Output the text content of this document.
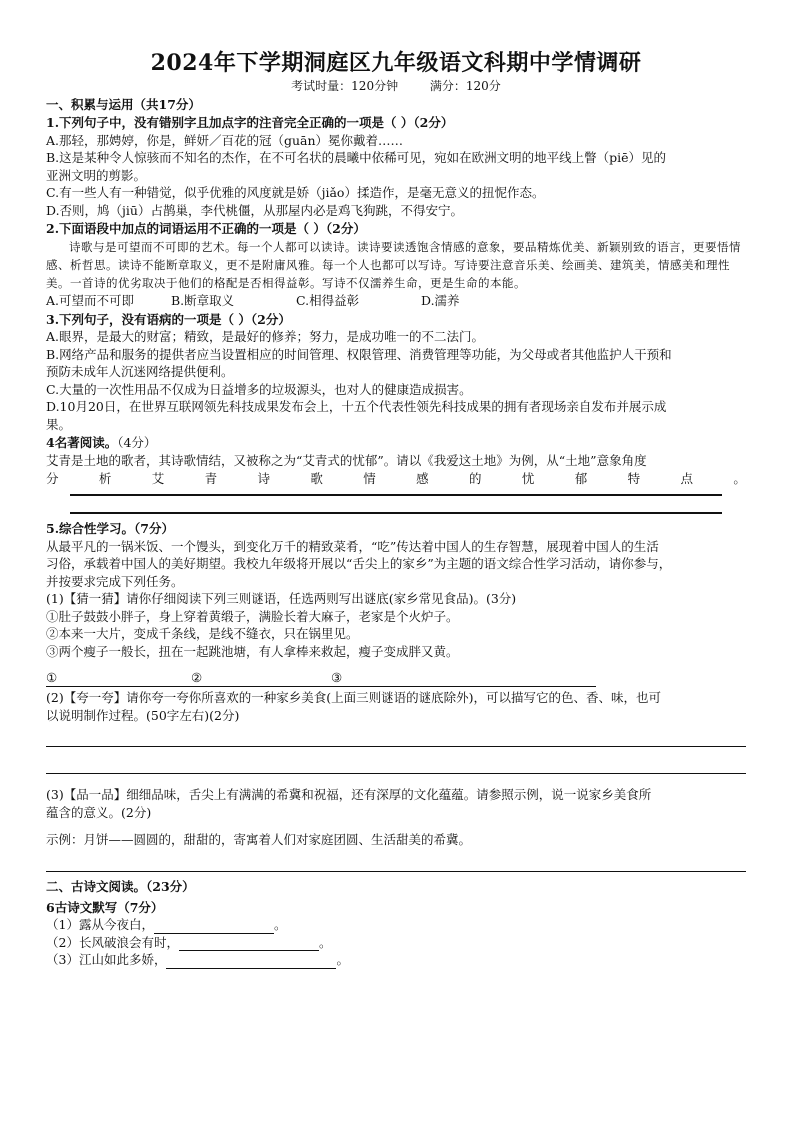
2024年下学期洞庭区九年级语文科期中学情调研
考试时量：120分钟	满分：120分

一、积累与运用（共17分）

1.下列句子中，没有错别字且加点字的注音完全正确的一项是（ ）（2分）

A.那轻，那娉婷，你是，鲜妍／百花的冠（guān）冕你戴着……

B.这是某种令人惊骇而不知名的杰作，在不可名状的晨曦中依稀可见，宛如在欧洲文明的地平线上瞥（piē）见的

亚洲文明的剪影。

C.有一些人有一种错觉，似乎优雅的风度就是娇（jiǎo）揉造作，是毫无意义的扭怩作态。

D.否则，鸠（jiū）占鹊巢，李代桃僵，从那屋内必是鸡飞狗跳，不得安宁。

2.下面语段中加点的词语运用不正确的一项是（ ）（2分）

诗歌与是可望而不可即的艺术。每一个人都可以读诗。读诗要读透饱含情感的意象，要品精炼优美、新颖别致的语言，更要悟情感、析哲思。读诗不能断章取义，更不是附庸风雅。每一个人也都可以写诗。写诗要注意音乐美、绘画美、建筑美，情感美和理性美。一首诗的优劣取决于他们的格配是否相得益彰。写诗不仅濡养生命，更是生命的本能。

A.可望而不可即	B.断章取义	C.相得益彰	D.濡养

3.下列句子，没有语病的一项是（ ）（2分）

A.眼界，是最大的财富；精致，是最好的修养；努力，是成功唯一的不二法门。

B.网络产品和服务的提供者应当设置相应的时间管理、权限管理、消费管理等功能，为父母或者其他监护人干预和

预防未成年人沉迷网络提供便利。

C.大量的一次性用品不仅成为日益增多的垃圾源头，也对人的健康造成损害。

D.10月20日，在世界互联网领先科技成果发布会上，十五个代表性领先科技成果的拥有者现场亲自发布并展示成

果。

4名著阅读。（4分）

艾青是土地的歌者，其诗歌情结，又被称之为“艾青式的忧郁”。请以《我爱这土地》为例，从“土地”意象角度

分	析	艾	青	诗	歌	情	感	的	忧	郁	特	点	。

5.综合性学习。（7分）

从最平凡的一锅米饭、一个馒头，到变化万千的精致菜肴，“吃”传达着中国人的生存智慧，展现着中国人的生活

习俗，承载着中国人的美好期望。我校九年级将开展以“舌尖上的家乡”为主题的语文综合性学习活动，请你参与，

并按要求完成下列任务。

(1)【猜一猜】请你仔细阅读下列三则谜语，任选两则写出谜底(家乡常见食品)。(3分)

①肚子鼓鼓小胖子，身上穿着黄缎子，满脸长着大麻子，老家是个火炉子。

②本来一大片，变成千条线，是线不缝衣，只在锅里见。

③两个瘦子一般长，扭在一起跳池塘，有人拿棒来救起，瘦子变成胖又黄。

①	②	③

(2)【夸一夸】请你夸一夸你所喜欢的一种家乡美食(上面三则谜语的谜底除外)，可以描写它的色、香、味，也可

以说明制作过程。(50字左右)(2分)

(3)【品一品】细细品味，舌尖上有满满的希冀和祝福，还有深厚的文化蕴蕴。请参照示例，说一说家乡美食所

蕴含的意义。(2分)

示例：月饼——圆圆的，甜甜的，寄寓着人们对家庭团圆、生活甜美的希冀。

二、古诗文阅读。（23分）

6古诗文默写（7分）

（1）露从今夜白，	。

（2）长风破浪会有时，	。

（3）江山如此多娇，	。
